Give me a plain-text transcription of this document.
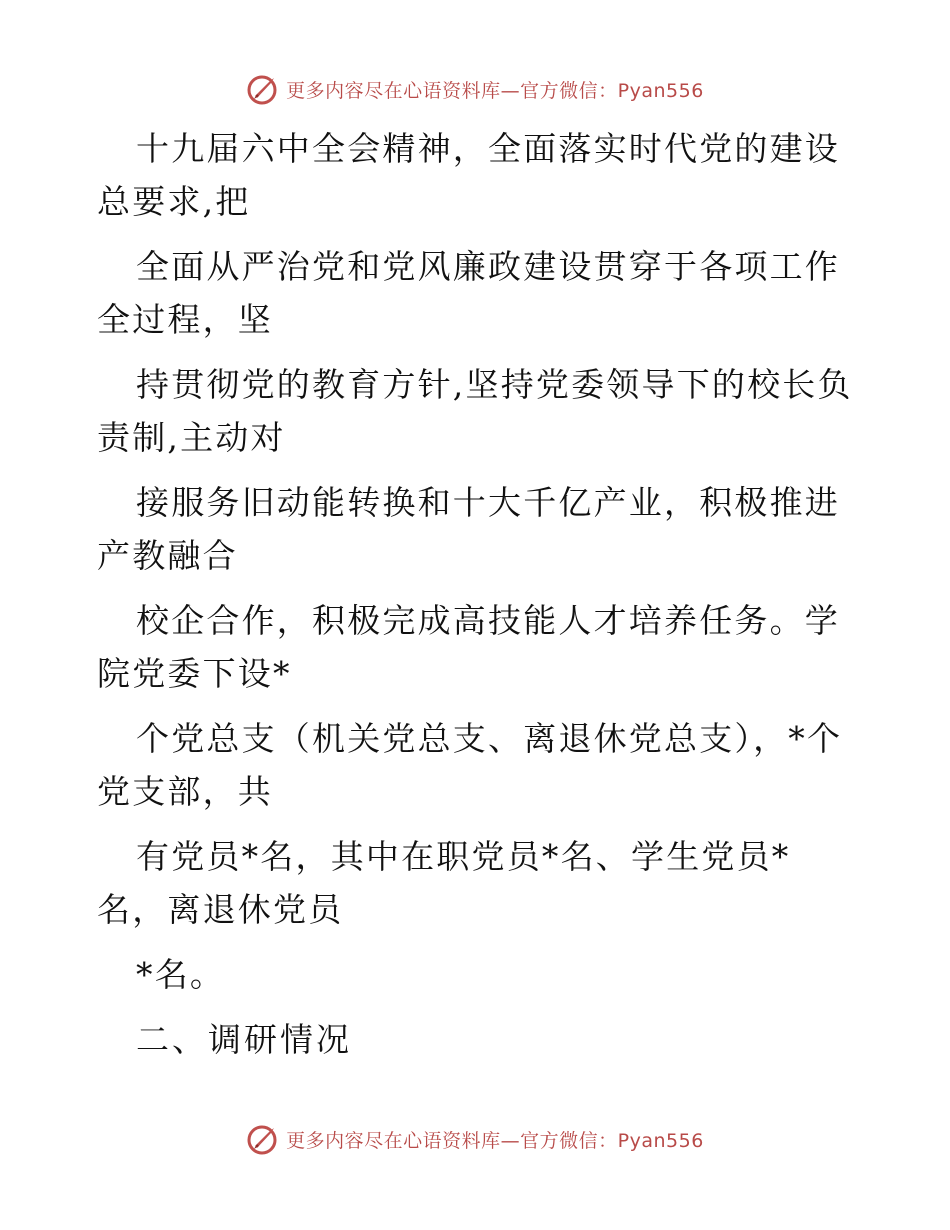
更多内容尽在心语资料库—官方微信：Pyan556

十九届六中全会精神，全面落实时代党的建设总要求,把

全面从严治党和党风廉政建设贯穿于各项工作全过程，坚

持贯彻党的教育方针,坚持党委领导下的校长负责制,主动对

接服务旧动能转换和十大千亿产业，积极推进产教融合

校企合作，积极完成高技能人才培养任务。学院党委下设*

个党总支（机关党总支、离退休党总支），*个党支部，共

有党员*名，其中在职党员*名、学生党员*名，离退休党员

*名。

二、调研情况

更多内容尽在心语资料库—官方微信：Pyan556
